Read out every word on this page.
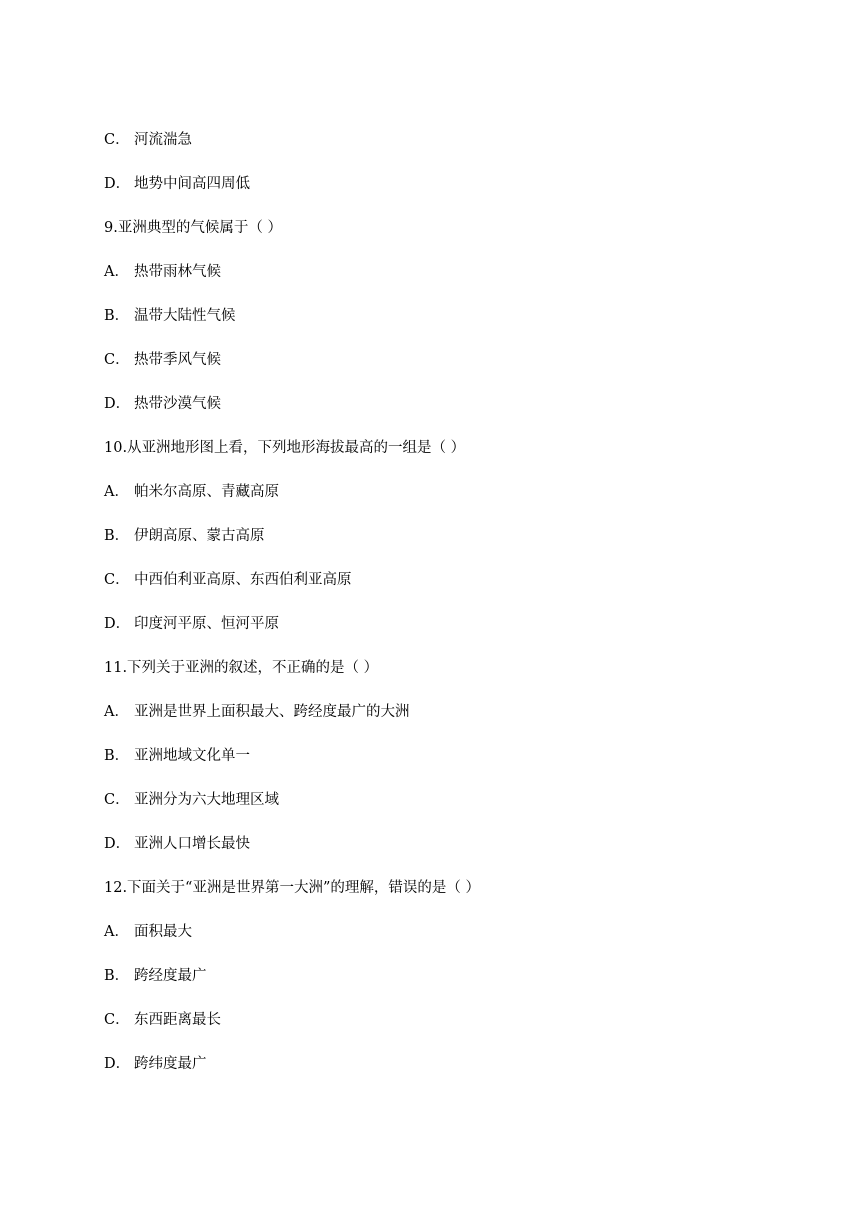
C． 河流湍急
D． 地势中间高四周低
9.亚洲典型的气候属于（ ）
A． 热带雨林气候
B． 温带大陆性气候
C． 热带季风气候
D． 热带沙漠气候
10.从亚洲地形图上看，下列地形海拔最高的一组是（ ）
A． 帕米尔高原、青藏高原
B． 伊朗高原、蒙古高原
C． 中西伯利亚高原、东西伯利亚高原
D． 印度河平原、恒河平原
11.下列关于亚洲的叙述，不正确的是（ ）
A． 亚洲是世界上面积最大、跨经度最广的大洲
B． 亚洲地域文化单一
C． 亚洲分为六大地理区域
D． 亚洲人口增长最快
12.下面关于“亚洲是世界第一大洲”的理解，错误的是（ ）
A． 面积最大
B． 跨经度最广
C． 东西距离最长
D． 跨纬度最广
